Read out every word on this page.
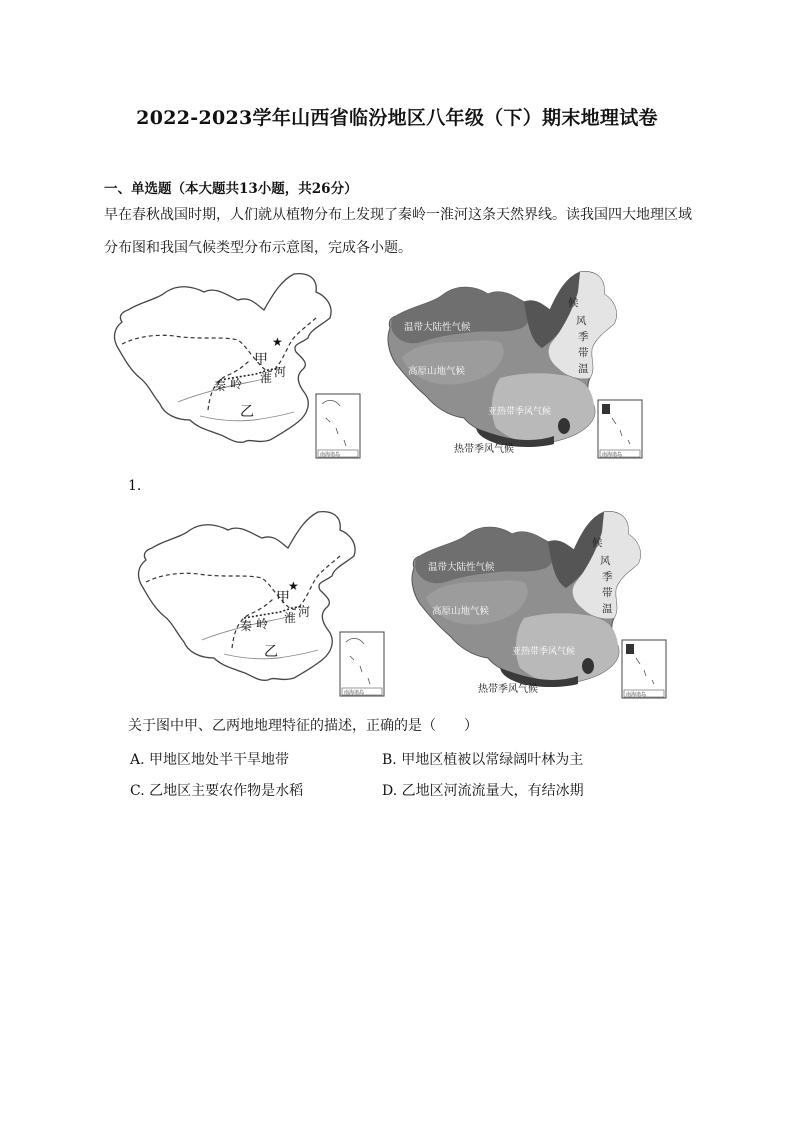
2022-2023学年山西省临汾地区八年级（下）期末地理试卷
一、单选题（本大题共13小题，共26分）
早在春秋战国时期，人们就从植物分布上发现了秦岭一淮河这条天然界线。读我国四大地理区域
分布图和我国气候类型分布示意图，完成各小题。
★
甲
淮 河
秦 岭
乙
南海诸岛
温带大陆性气候
高原山地气候
候
风
季
带
温
亚热带季风气候
热带季风气候	南海诸岛
1.
★
甲
淮 河
秦 岭
乙
南海诸岛
温带大陆性气候
高原山地气候
候
风
季
带
温
亚热带季风气候
热带季风气候	南海诸岛
关于图中甲、乙两地地理特征的描述，正确的是（　　）
A. 甲地区地处半干旱地带	B. 甲地区植被以常绿阔叶林为主
C. 乙地区主要农作物是水稻	D. 乙地区河流流量大，有结冰期
